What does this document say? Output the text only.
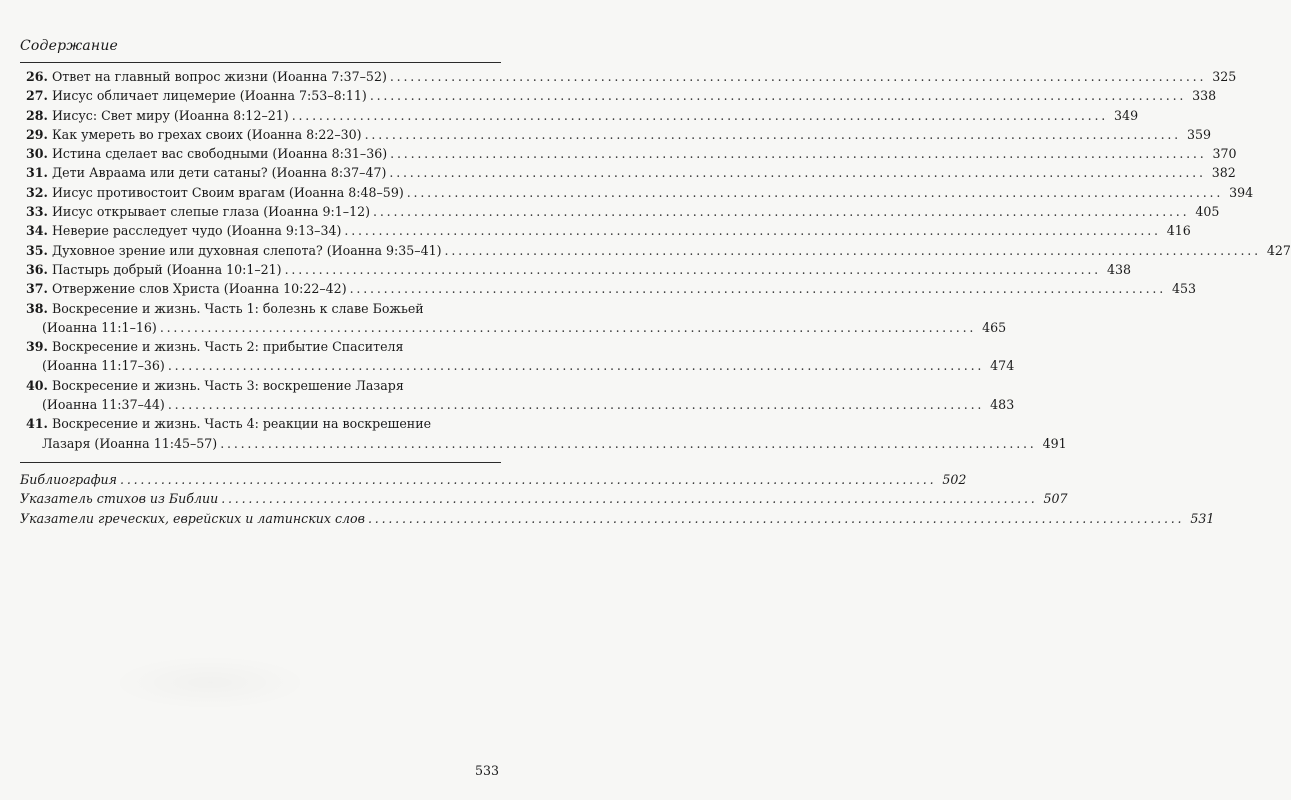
Содержание
26. Ответ на главный вопрос жизни (Иоанна 7:37–52) ........................................................................................................................ 325
27. Иисус обличает лицемерие (Иоанна 7:53–8:11) ........................................................................................................................ 338
28. Иисус: Свет миру (Иоанна 8:12–21) ........................................................................................................................ 349
29. Как умереть во грехах своих (Иоанна 8:22–30) ........................................................................................................................ 359
30. Истина сделает вас свободными (Иоанна 8:31–36) ........................................................................................................................ 370
31. Дети Авраама или дети сатаны? (Иоанна 8:37–47) ........................................................................................................................ 382
32. Иисус противостоит Своим врагам (Иоанна 8:48–59) ........................................................................................................................ 394
33. Иисус открывает слепые глаза (Иоанна 9:1–12) ........................................................................................................................ 405
34. Неверие расследует чудо (Иоанна 9:13–34) ........................................................................................................................ 416
35. Духовное зрение или духовная слепота? (Иоанна 9:35–41) ........................................................................................................................ 427
36. Пастырь добрый (Иоанна 10:1–21) ........................................................................................................................ 438
37. Отвержение слов Христа (Иоанна 10:22–42) ........................................................................................................................ 453
38. Воскресение и жизнь. Часть 1: болезнь к славе Божьей
(Иоанна 11:1–16) ........................................................................................................................ 465
39. Воскресение и жизнь. Часть 2: прибытие Спасителя
(Иоанна 11:17–36) ........................................................................................................................ 474
40. Воскресение и жизнь. Часть 3: воскрешение Лазаря
(Иоанна 11:37–44) ........................................................................................................................ 483
41. Воскресение и жизнь. Часть 4: реакции на воскрешение
Лазаря (Иоанна 11:45–57) ........................................................................................................................ 491
Библиография ........................................................................................................................ 502
Указатель стихов из Библии ........................................................................................................................ 507
Указатели греческих, еврейских и латинских слов ........................................................................................................................ 531
533
